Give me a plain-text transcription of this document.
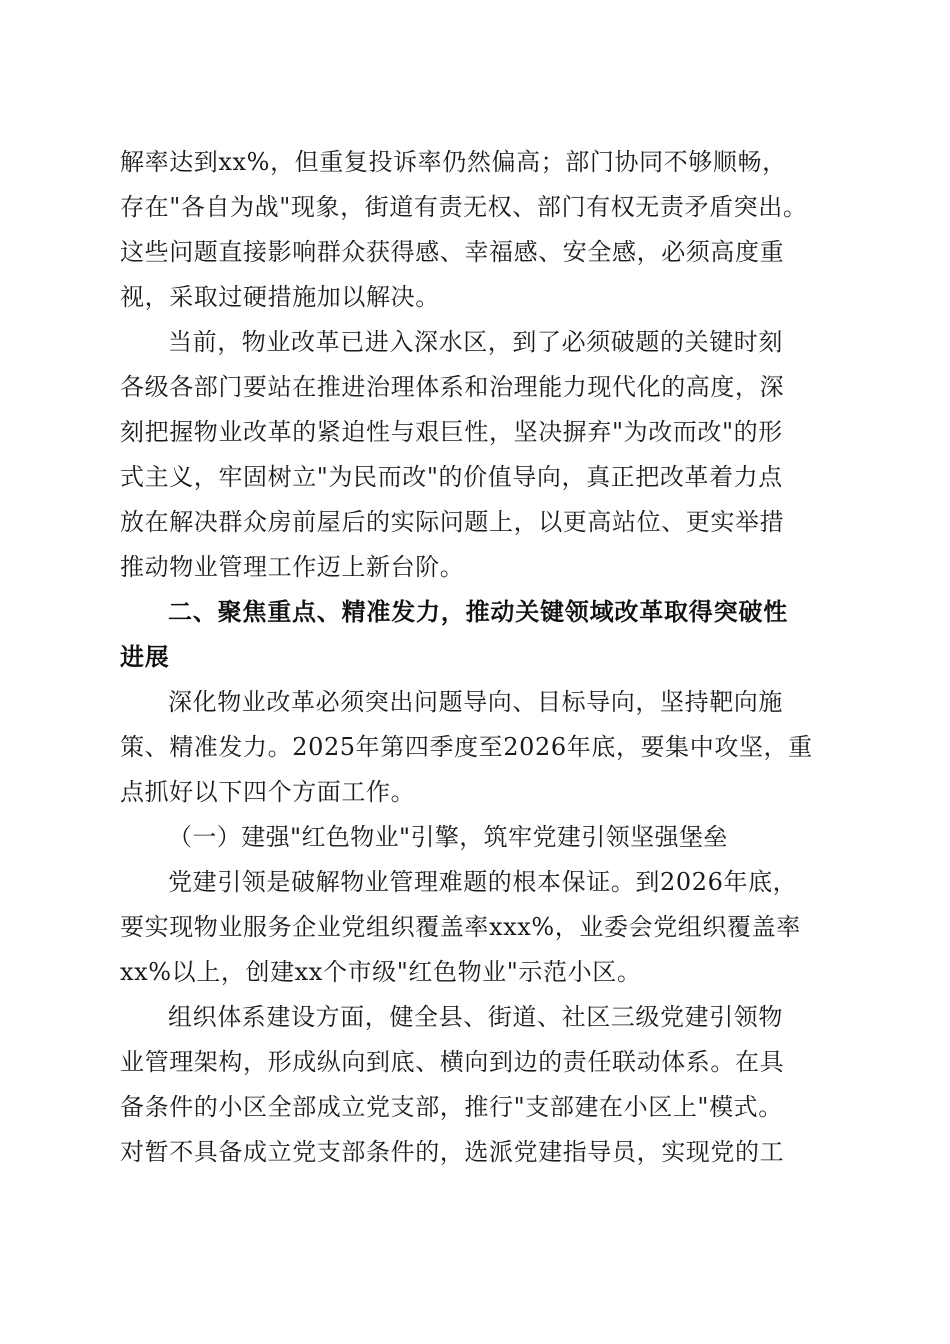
解率达到xx%，但重复投诉率仍然偏高；部门协同不够顺畅，
存在"各自为战"现象，街道有责无权、部门有权无责矛盾突出。
这些问题直接影响群众获得感、幸福感、安全感，必须高度重
视，采取过硬措施加以解决。
当前，物业改革已进入深水区，到了必须破题的关键时刻
各级各部门要站在推进治理体系和治理能力现代化的高度，深
刻把握物业改革的紧迫性与艰巨性，坚决摒弃"为改而改"的形
式主义，牢固树立"为民而改"的价值导向，真正把改革着力点
放在解决群众房前屋后的实际问题上，以更高站位、更实举措
推动物业管理工作迈上新台阶。
二、聚焦重点、精准发力，推动关键领域改革取得突破性
进展
深化物业改革必须突出问题导向、目标导向，坚持靶向施
策、精准发力。2025年第四季度至2026年底，要集中攻坚，重
点抓好以下四个方面工作。
（一）建强"红色物业"引擎，筑牢党建引领坚强堡垒
党建引领是破解物业管理难题的根本保证。到2026年底，
要实现物业服务企业党组织覆盖率xxx%，业委会党组织覆盖率
xx%以上，创建xx个市级"红色物业"示范小区。
组织体系建设方面，健全县、街道、社区三级党建引领物
业管理架构，形成纵向到底、横向到边的责任联动体系。在具
备条件的小区全部成立党支部，推行"支部建在小区上"模式。
对暂不具备成立党支部条件的，选派党建指导员，实现党的工
